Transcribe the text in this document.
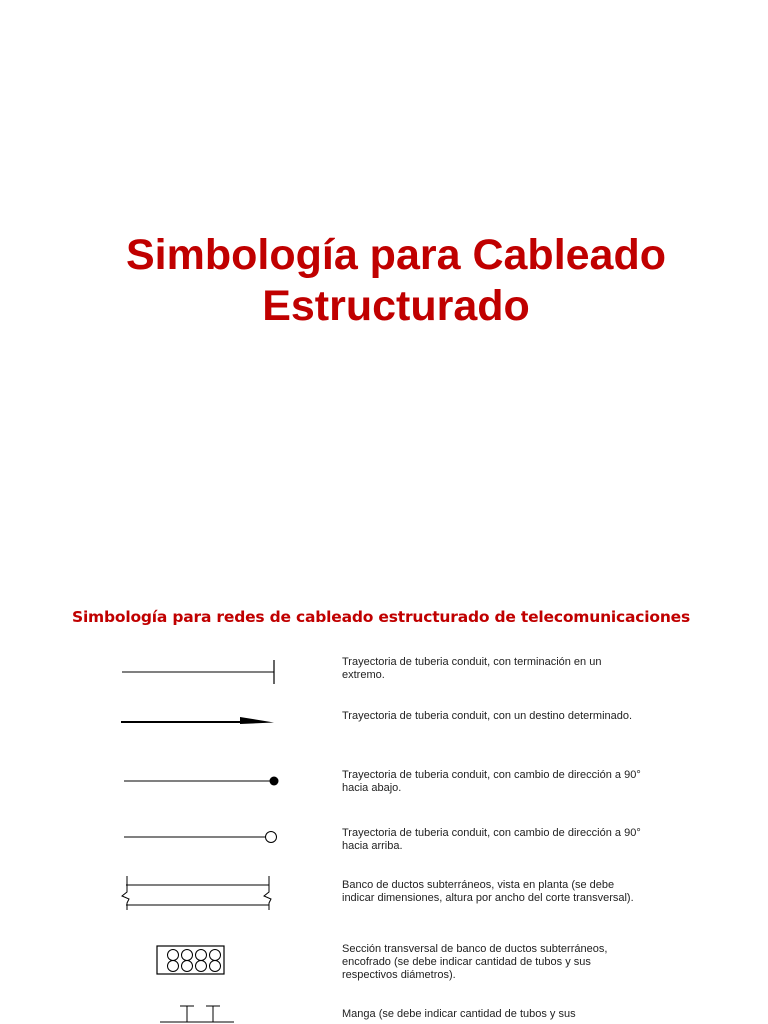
Simbología para Cableado
Estructurado
Simbología para redes de cableado estructurado de telecomunicaciones
Trayectoria de tuberia conduit, con terminación en un extremo.
Trayectoria de tuberia conduit, con un destino determinado.
Trayectoria de tuberia conduit, con cambio de dirección a 90° hacia abajo.
Trayectoria de tuberia conduit, con cambio de dirección a 90° hacia arriba.
Banco de ductos subterráneos, vista en planta (se debe indicar dimensiones, altura por ancho del corte transversal).
Sección transversal de banco de ductos subterráneos, encofrado (se debe indicar cantidad de tubos y sus respectivos diámetros).
Manga (se debe indicar cantidad de tubos y sus
